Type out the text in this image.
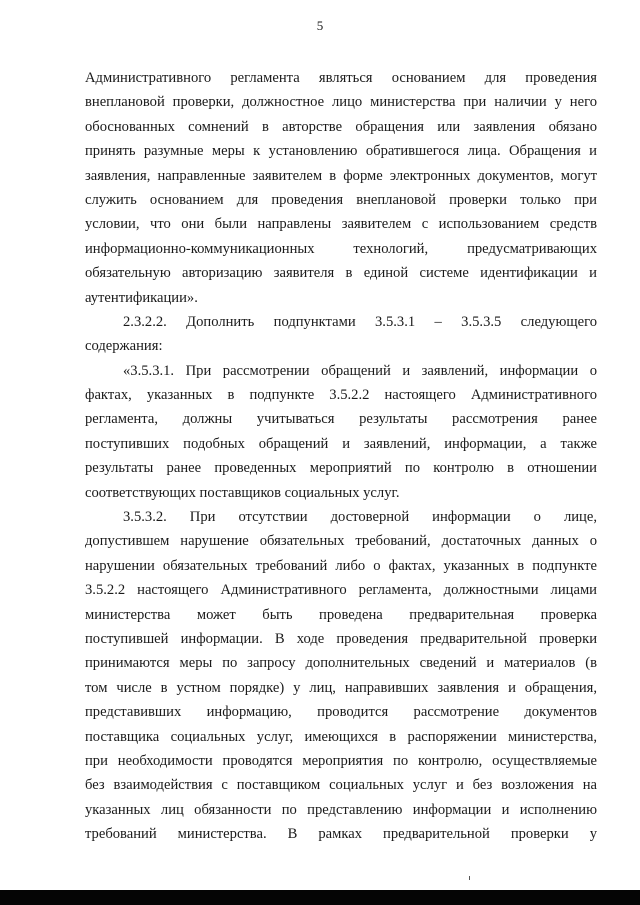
5
Административного регламента являться основанием для проведения
внеплановой проверки, должностное лицо министерства при наличии у него
обоснованных сомнений в авторстве обращения или заявления обязано
принять разумные меры к установлению обратившегося лица. Обращения и
заявления, направленные заявителем в форме электронных документов, могут
служить основанием для проведения внеплановой проверки только при
условии, что они были направлены заявителем с использованием средств
информационно-коммуникационных технологий, предусматривающих
обязательную авторизацию заявителя в единой системе идентификации и
аутентификации».
2.3.2.2. Дополнить подпунктами 3.5.3.1 – 3.5.3.5 следующего
содержания:
«3.5.3.1. При рассмотрении обращений и заявлений, информации о
фактах, указанных в подпункте 3.5.2.2 настоящего Административного
регламента, должны учитываться результаты рассмотрения ранее
поступивших подобных обращений и заявлений, информации, а также
результаты ранее проведенных мероприятий по контролю в отношении
соответствующих поставщиков социальных услуг.
3.5.3.2. При отсутствии достоверной информации о лице,
допустившем нарушение обязательных требований, достаточных данных о
нарушении обязательных требований либо о фактах, указанных в подпункте
3.5.2.2 настоящего Административного регламента, должностными лицами
министерства может быть проведена предварительная проверка
поступившей информации. В ходе проведения предварительной проверки
принимаются меры по запросу дополнительных сведений и материалов (в
том числе в устном порядке) у лиц, направивших заявления и обращения,
представивших информацию, проводится рассмотрение документов
поставщика социальных услуг, имеющихся в распоряжении министерства,
при необходимости проводятся мероприятия по контролю, осуществляемые
без взаимодействия с поставщиком социальных услуг и без возложения на
указанных лиц обязанности по представлению информации и исполнению
требований министерства. В рамках предварительной проверки у
